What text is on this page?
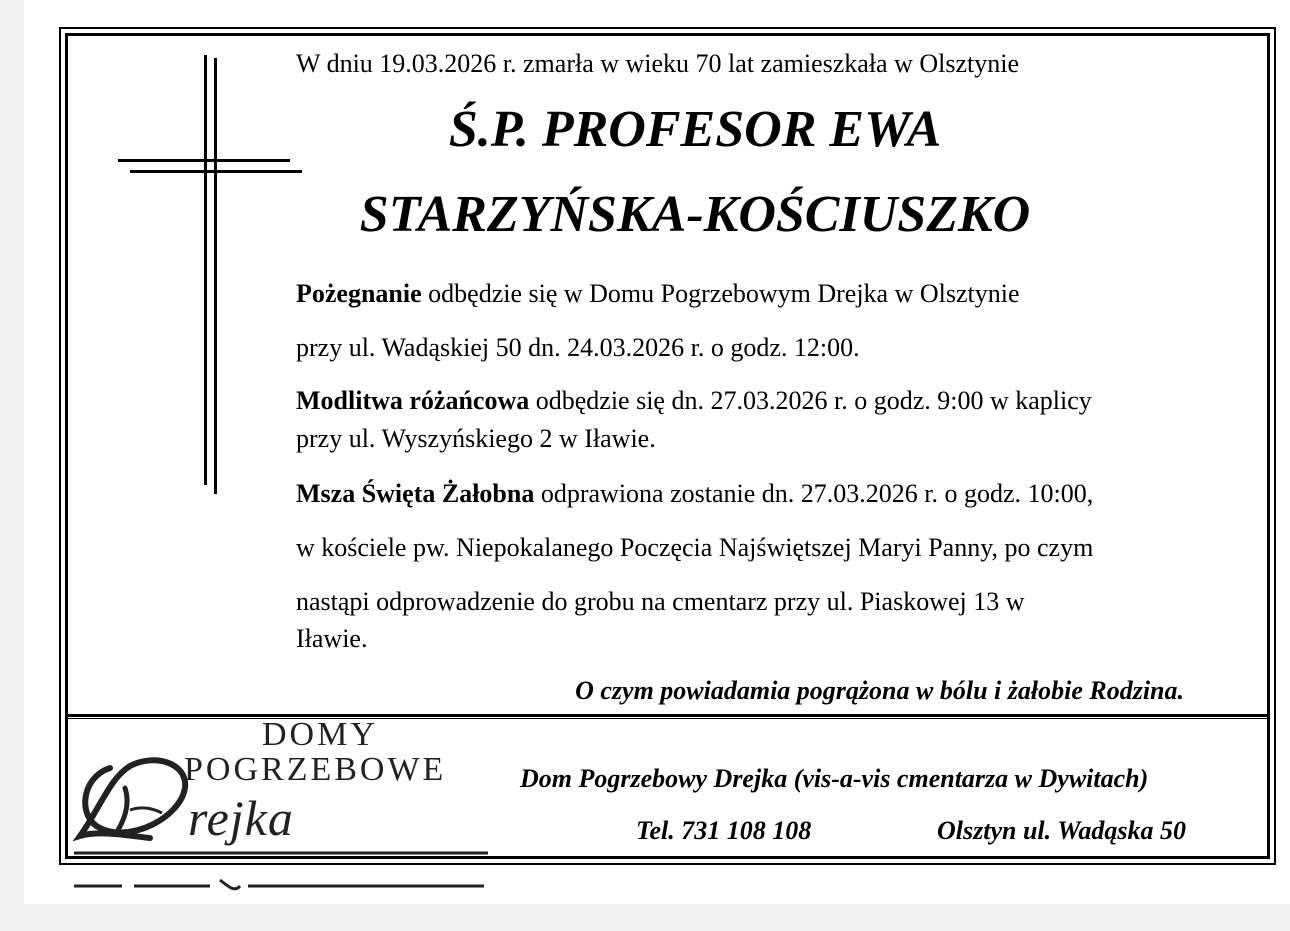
W dniu 19.03.2026 r. zmarła w wieku 70 lat zamieszkała w Olsztynie
Ś.P. PROFESOR EWA
STARZYŃSKA-KOŚCIUSZKO
Pożegnanie odbędzie się w Domu Pogrzebowym Drejka w Olsztynie
przy ul. Wadąskiej 50 dn. 24.03.2026 r. o godz. 12:00.
Modlitwa różańcowa odbędzie się dn. 27.03.2026 r. o godz. 9:00 w kaplicy
przy ul. Wyszyńskiego 2 w Iławie.
Msza Święta Żałobna odprawiona zostanie dn. 27.03.2026 r. o godz. 10:00,
w kościele pw. Niepokalanego Poczęcia Najświętszej Maryi Panny, po czym
nastąpi odprowadzenie do grobu na cmentarz przy ul. Piaskowej 13 w
Iławie.
O czym powiadamia pogrążona w bólu i żałobie Rodzina.
DOMY
POGRZEBOWE
rejka
Dom Pogrzebowy Drejka (vis-a-vis cmentarza w Dywitach)
Tel. 731 108 108	Olsztyn ul. Wadąska 50
